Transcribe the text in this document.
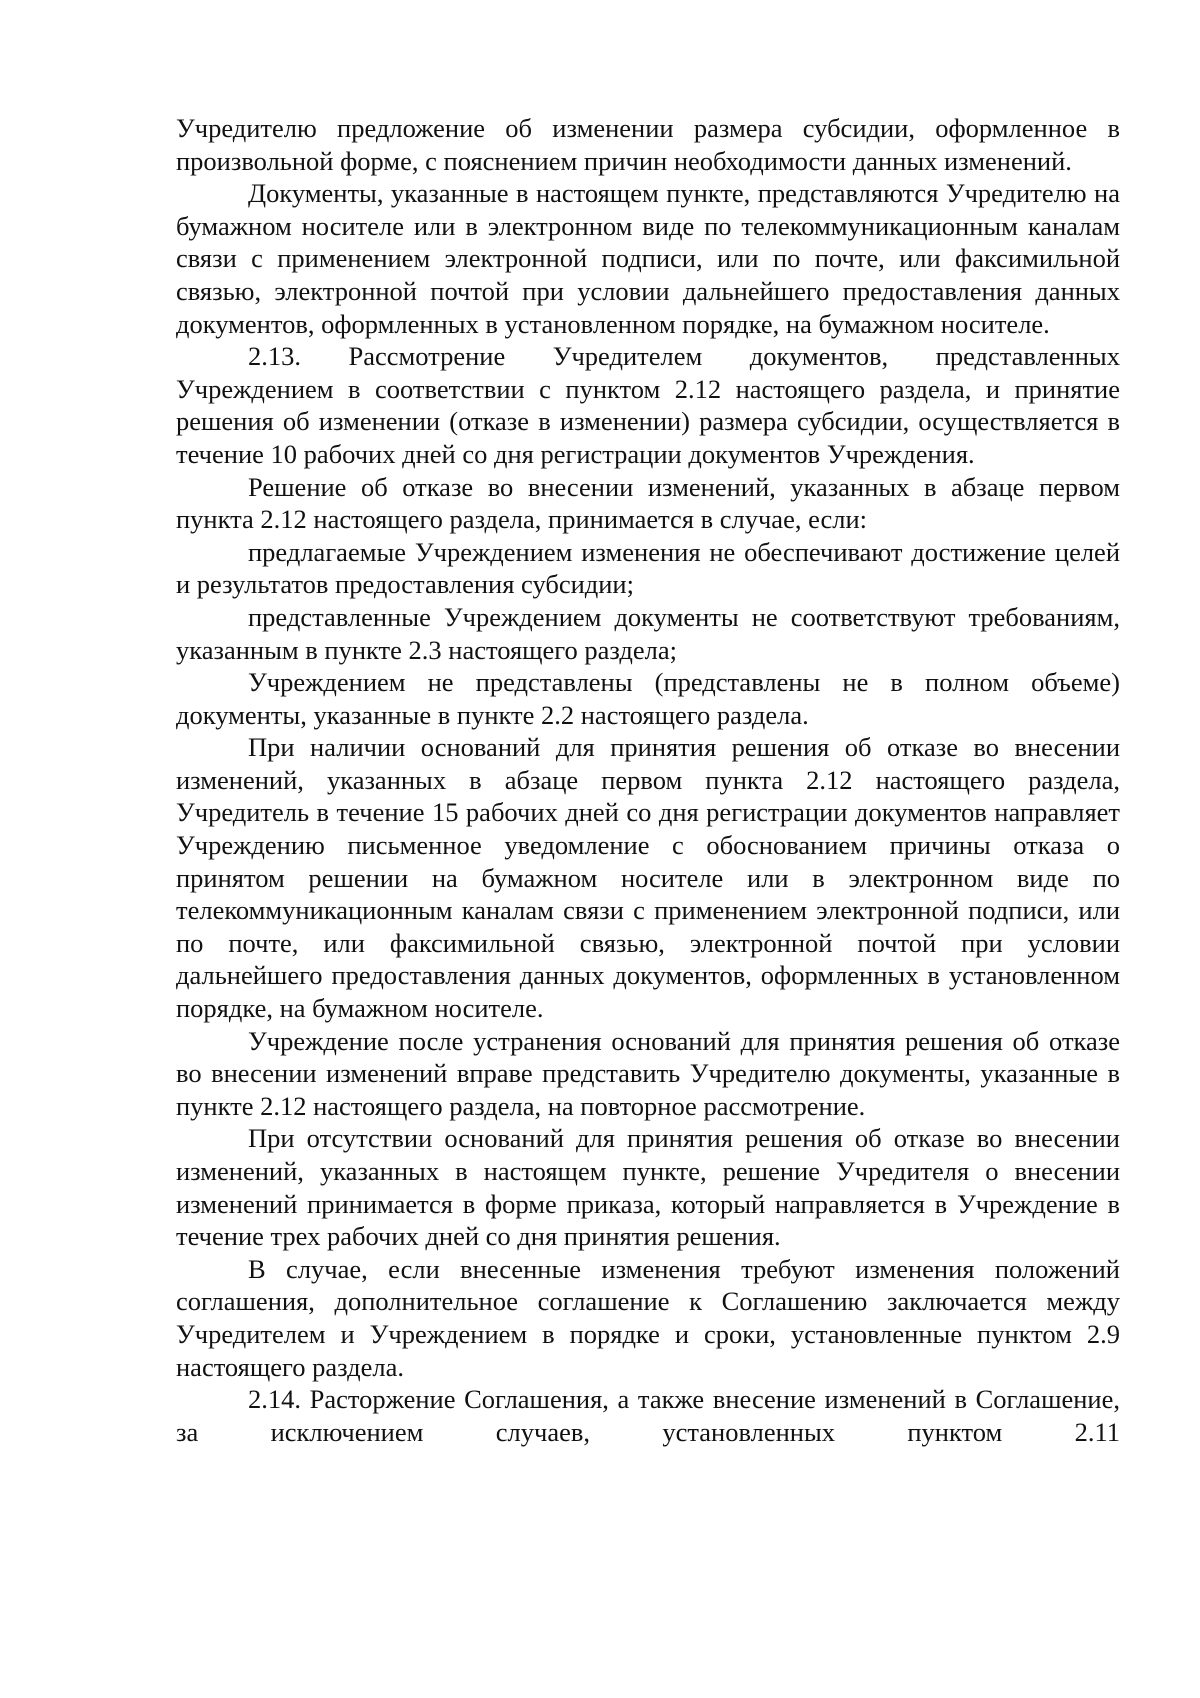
Учредителю предложение об изменении размера субсидии, оформленное в произвольной форме, с пояснением причин необходимости данных изменений.

Документы, указанные в настоящем пункте, представляются Учредителю на бумажном носителе или в электронном виде по телекоммуникационным каналам связи с применением электронной подписи, или по почте, или факсимильной связью, электронной почтой при условии дальнейшего предоставления данных документов, оформленных в установленном порядке, на бумажном носителе.

2.13. Рассмотрение Учредителем документов, представленных Учреждением в соответствии с пунктом 2.12 настоящего раздела, и принятие решения об изменении (отказе в изменении) размера субсидии, осуществляется в течение 10 рабочих дней со дня регистрации документов Учреждения.

Решение об отказе во внесении изменений, указанных в абзаце первом пункта 2.12 настоящего раздела, принимается в случае, если:

предлагаемые Учреждением изменения не обеспечивают достижение целей и результатов предоставления субсидии;

представленные Учреждением документы не соответствуют требованиям, указанным в пункте 2.3 настоящего раздела;

Учреждением не представлены (представлены не в полном объеме) документы, указанные в пункте 2.2 настоящего раздела.

При наличии оснований для принятия решения об отказе во внесении изменений, указанных в абзаце первом пункта 2.12 настоящего раздела, Учредитель в течение 15 рабочих дней со дня регистрации документов направляет Учреждению письменное уведомление с обоснованием причины отказа о принятом решении на бумажном носителе или в электронном виде по телекоммуникационным каналам связи с применением электронной подписи, или по почте, или факсимильной связью, электронной почтой при условии дальнейшего предоставления данных документов, оформленных в установленном порядке, на бумажном носителе.

Учреждение после устранения оснований для принятия решения об отказе во внесении изменений вправе представить Учредителю документы, указанные в пункте 2.12 настоящего раздела, на повторное рассмотрение.

При отсутствии оснований для принятия решения об отказе во внесении изменений, указанных в настоящем пункте, решение Учредителя о внесении изменений принимается в форме приказа, который направляется в Учреждение в течение трех рабочих дней со дня принятия решения.

В случае, если внесенные изменения требуют изменения положений соглашения, дополнительное соглашение к Соглашению заключается между Учредителем и Учреждением в порядке и сроки, установленные пунктом 2.9 настоящего раздела.

2.14. Расторжение Соглашения, а также внесение изменений в Соглашение, за исключением случаев, установленных пунктом 2.11
